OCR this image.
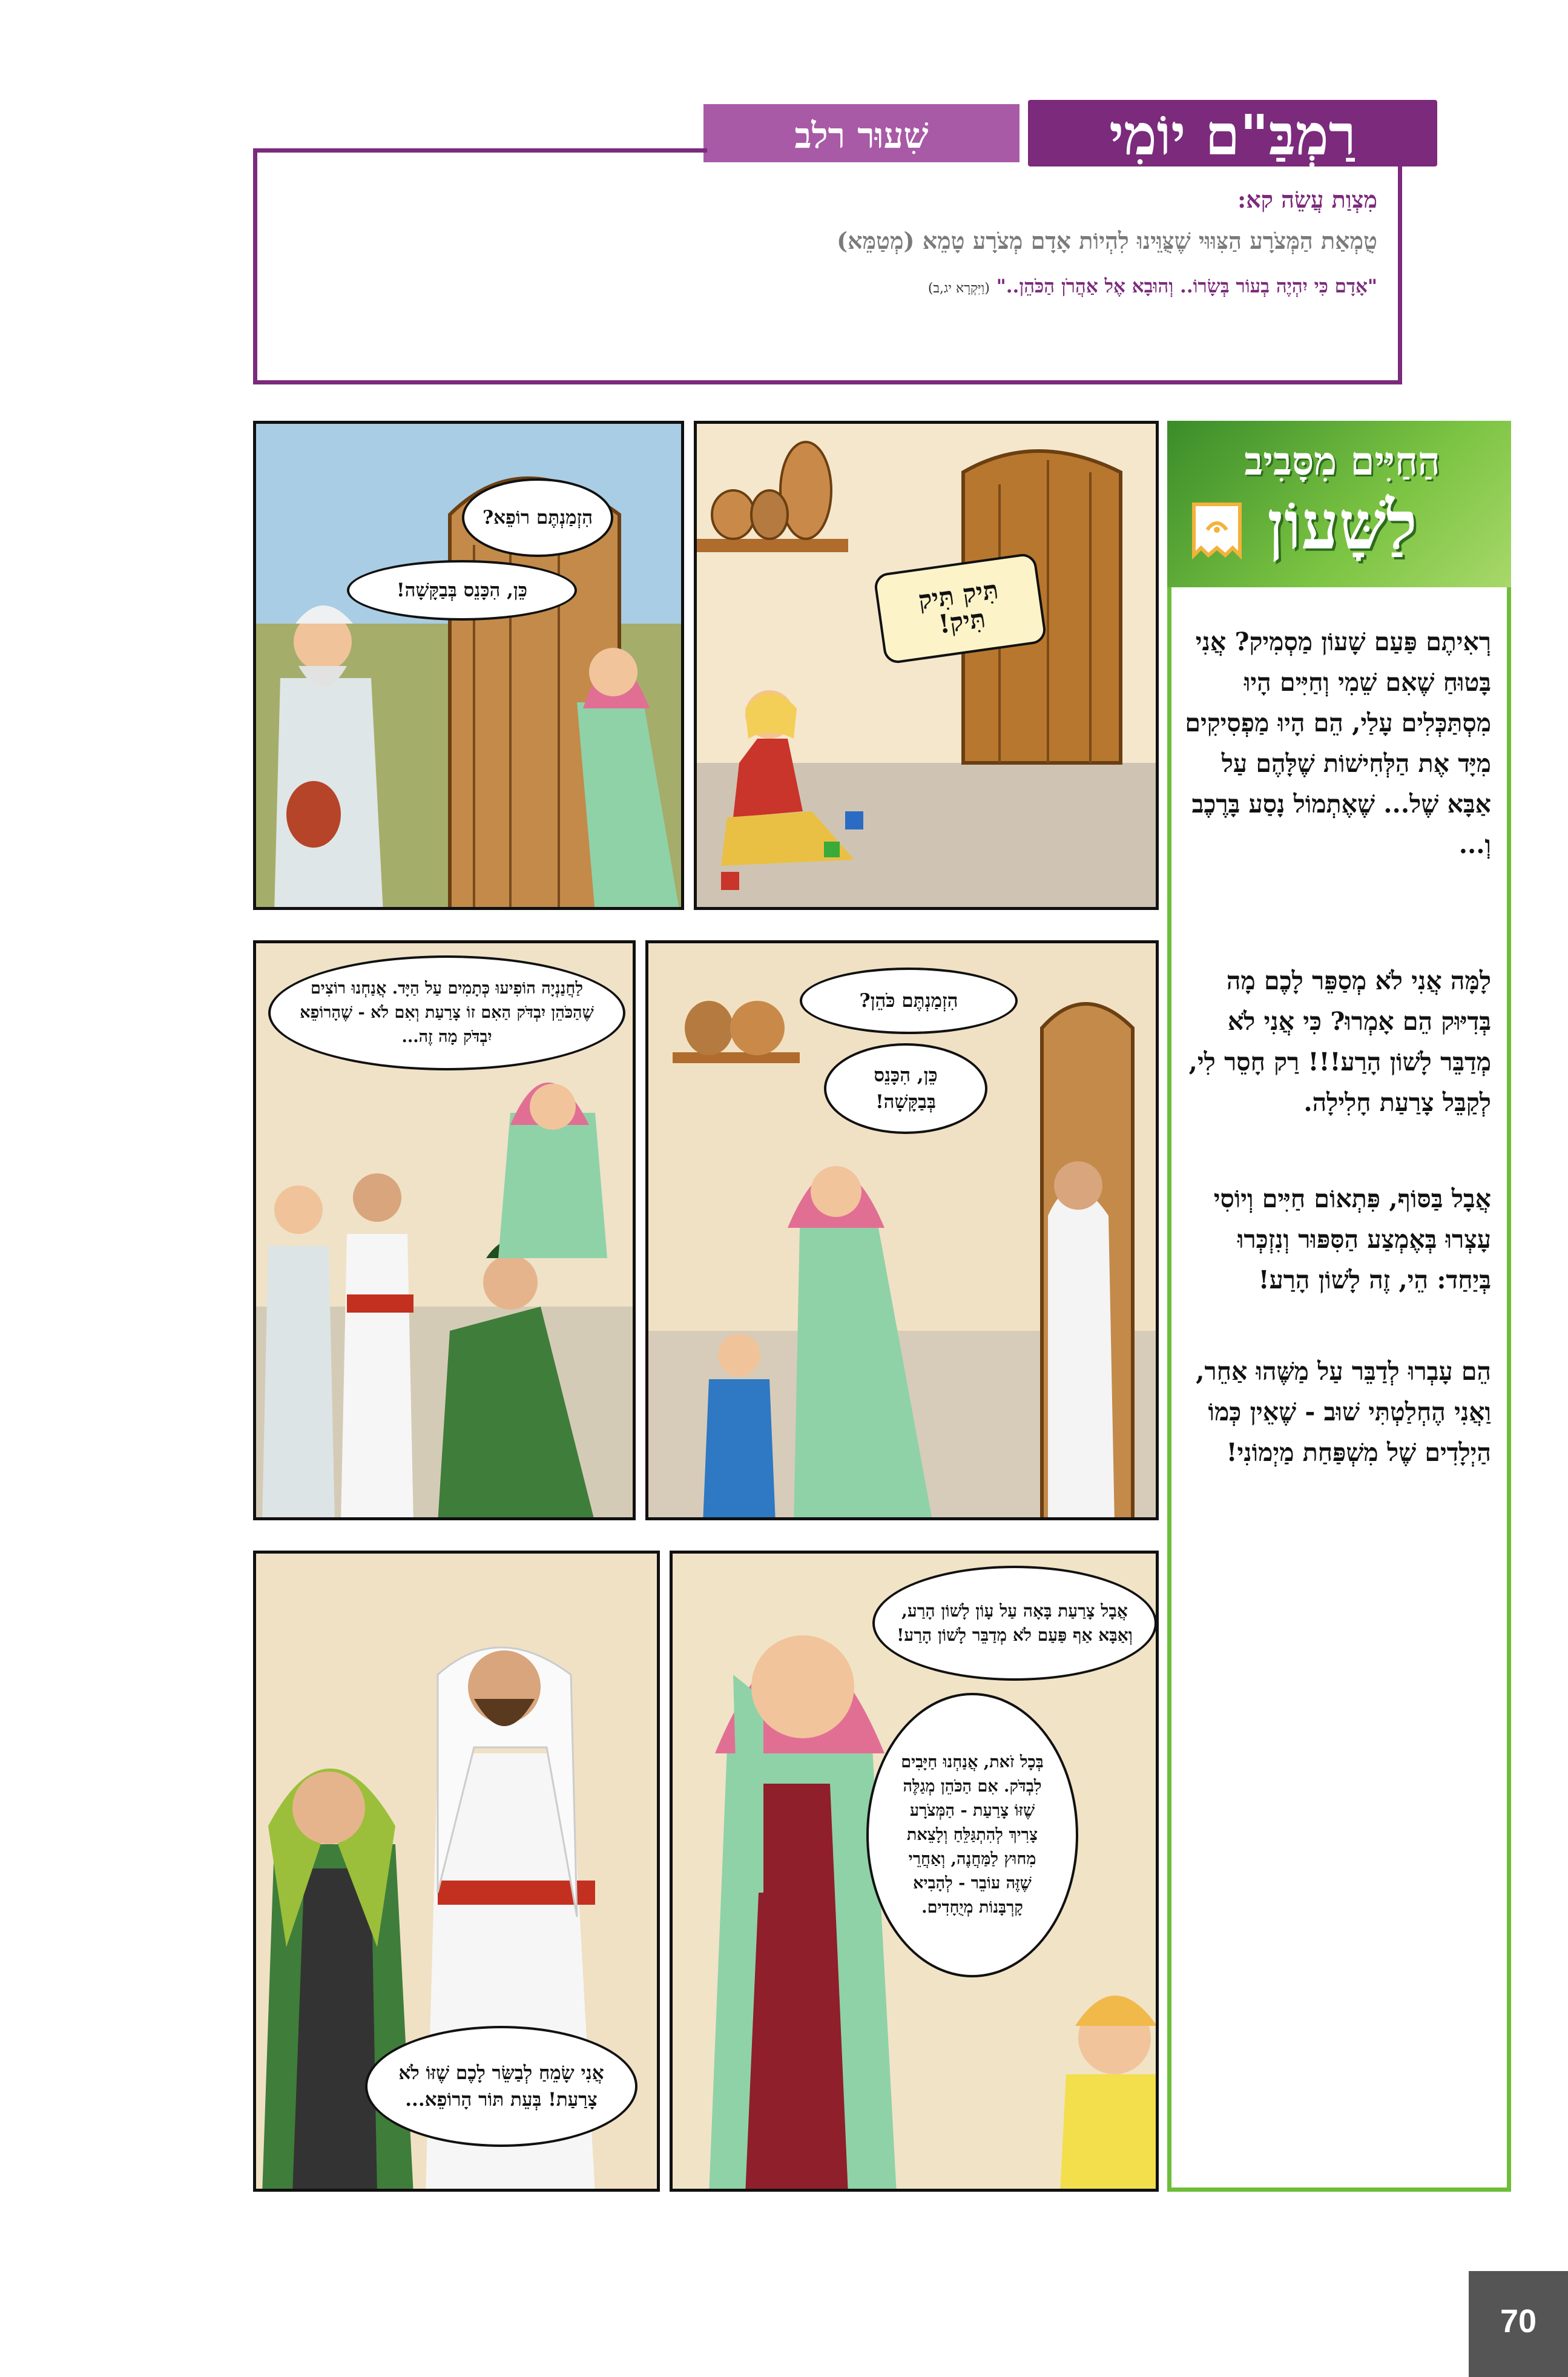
רַמְבַּ"ם יוֹמִי
שִׁעוּר רלב
מִצְוַת עֲשֵׂה קא:
טֻמְאַת הַמְּצֹרָע הַצִּוּוּי שֶׁצֻּוֵּינוּ לִהְיוֹת אָדָם מְצֹרָע טָמֵא (מְטַמֵּא)
"אָדָם כִּי יִהְיֶה בְעוֹר בְּשָׂרוֹ.. וְהוּבָא אֶל אַהֲרֹן הַכֹּהֵן.." (וַיִּקְרָא יג,ב)
הַחַיִּים מִסָּבִיב
לַשָּׁעוֹן
רְאִיתֶם פַּעַם שָׁעוֹן מַסְמִיק? אֲנִי בָּטוּחַ שֶׁאִם שֵׁמִי וְחַיִּים הָיוּ מִסְתַּכְּלִים עָלַי, הֵם הָיוּ מַפְסִיקִים מִיָּד אֶת הַלְּחִישׁוֹת שֶׁלָּהֶם עַל אַבָּא שֶׁל... שֶׁאֶתְמוֹל נָסַע בָּרֶכֶב וְ...
לָמָּה אֲנִי לֹא מְסַפֵּר לָכֶם מָה בְּדִיּוּק הֵם אָמְרוּ? כִּי אֲנִי לֹא מְדַבֵּר לָשׁוֹן הָרַע!!! רַק חָסֵר לִי, לְקַבֵּל צָרַעַת חָלִילָה.
אֲבָל בַּסּוֹף, פִּתְאוֹם חַיִּים וְיוֹסִי עָצְרוּ בְּאֶמְצַע הַסִּפּוּר וְנִזְכְּרוּ בְּיַחַד: הֵי, זֶה לָשׁוֹן הָרַע!
הֵם עָבְרוּ לְדַבֵּר עַל מַשֶּׁהוּ אַחֵר, וַאֲנִי הֶחְלַטְתִּי שׁוּב - שֶׁאֵין כְּמוֹ הַיְלָדִים שֶׁל מִשְׁפַּחַת מַיְמוֹנִי!
תִּיק תִּיק תִּיק!
הִזְמַנְתֶּם רוֹפֵא?
כֵּן, הִכָּנֵס בְּבַקָּשָׁה!
הִזְמַנְתֶּם כֹּהֵן?
כֵּן, הִכָּנֵס בְּבַקָּשָׁה!
לַחֲנַנְיָה הוֹפִיעוּ כְּתָמִים עַל הַיָּד. אֲנַחְנוּ רוֹצִים שֶׁהַכֹּהֵן יִבְדֹּק הַאִם זוֹ צָרַעַת וְאִם לֹא - שֶׁהָרוֹפֵא יִבְדֹּק מָה זֶה...
אֲבָל צָרַעַת בָּאָה עַל עָוֹן לָשׁוֹן הָרַע, וְאַבָּא אַף פַּעַם לֹא מְדַבֵּר לָשׁוֹן הָרַע!
בְּכָל זֹאת, אֲנַחְנוּ חַיָּבִים לִבְדֹּק. אִם הַכֹּהֵן מְגַלֶּה שֶׁזּוֹ צָרַעַת - הַמְּצֹרָע צָרִיךְ לְהִתְגַּלֵּחַ וְלָצֵאת מִחוּץ לַמַּחֲנֶה, וְאַחֲרֵי שֶׁזֶּה עוֹבֵר - לְהָבִיא קָרְבָּנוֹת מְיֻחָדִים.
אֲנִי שָׂמֵחַ לְבַשֵּׂר לָכֶם שֶׁזּוֹ לֹא צָרַעַת! בְּעֵת תּוֹר הָרוֹפֵא...
70
